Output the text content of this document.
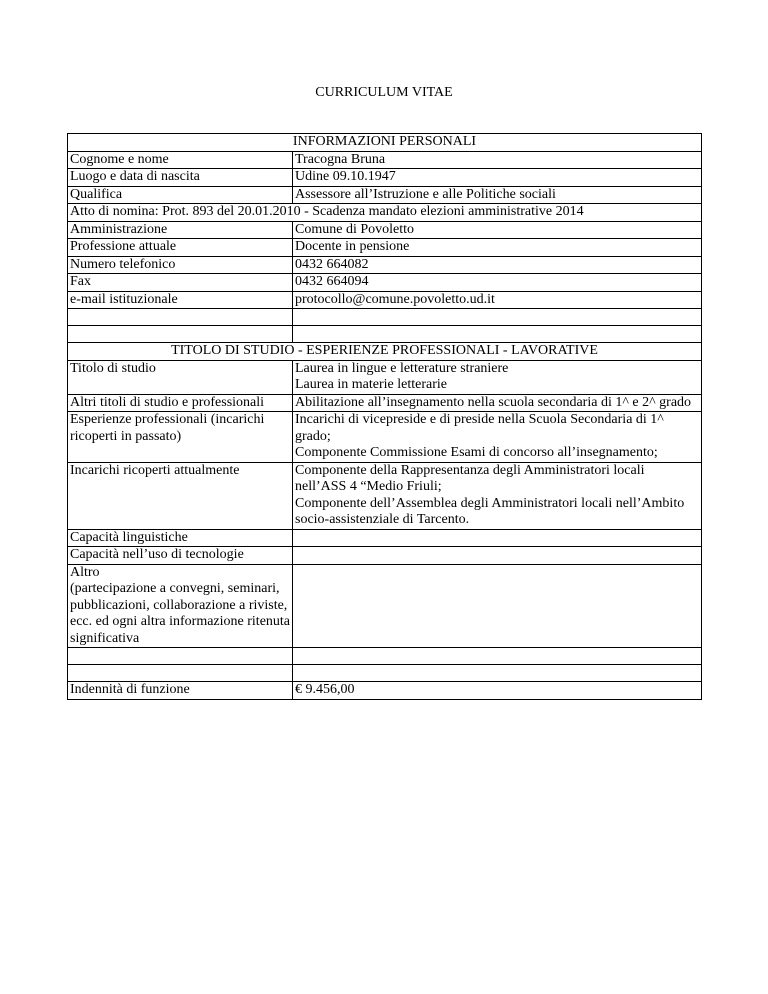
CURRICULUM VITAE
INFORMAZIONI PERSONALI	
Cognome e nome	Tracogna Bruna
Luogo e data di nascita	Udine 09.10.1947
Qualifica	Assessore all’Istruzione e alle Politiche sociali
Atto di nomina: Prot. 893 del 20.01.2010 - Scadenza mandato elezioni amministrative 2014	
Amministrazione	Comune di Povoletto
Professione attuale	Docente in pensione
Numero telefonico	0432 664082
Fax	0432 664094
e-mail istituzionale	protocollo@comune.povoletto.ud.it

TITOLO DI STUDIO - ESPERIENZE PROFESSIONALI - LAVORATIVE	
Titolo di studio	Laurea in lingue e letterature straniere
Laurea in materie letterarie

Altri titoli di studio e professionali	Abilitazione all’insegnamento nella scuola secondaria di 1^ e 2^ grado
Esperienze professionali (incarichi ricoperti in passato)	Incarichi di vicepreside e di preside nella Scuola Secondaria di 1^ grado;
Componente Commissione Esami di concorso all’insegnamento;

Incarichi ricoperti attualmente	Componente della Rappresentanza degli Amministratori locali nell’ASS 4 “Medio Friuli;
Componente dell’Assemblea degli Amministratori locali nell’Ambito socio-assistenziale di Tarcento.

Capacità linguistiche	
Capacità nell’uso di tecnologie	

Altro
(partecipazione a convegni, seminari, pubblicazioni, collaborazione a riviste, ecc. ed ogni altra informazione ritenuta significativa	

Indennità di funzione	€ 9.456,00
